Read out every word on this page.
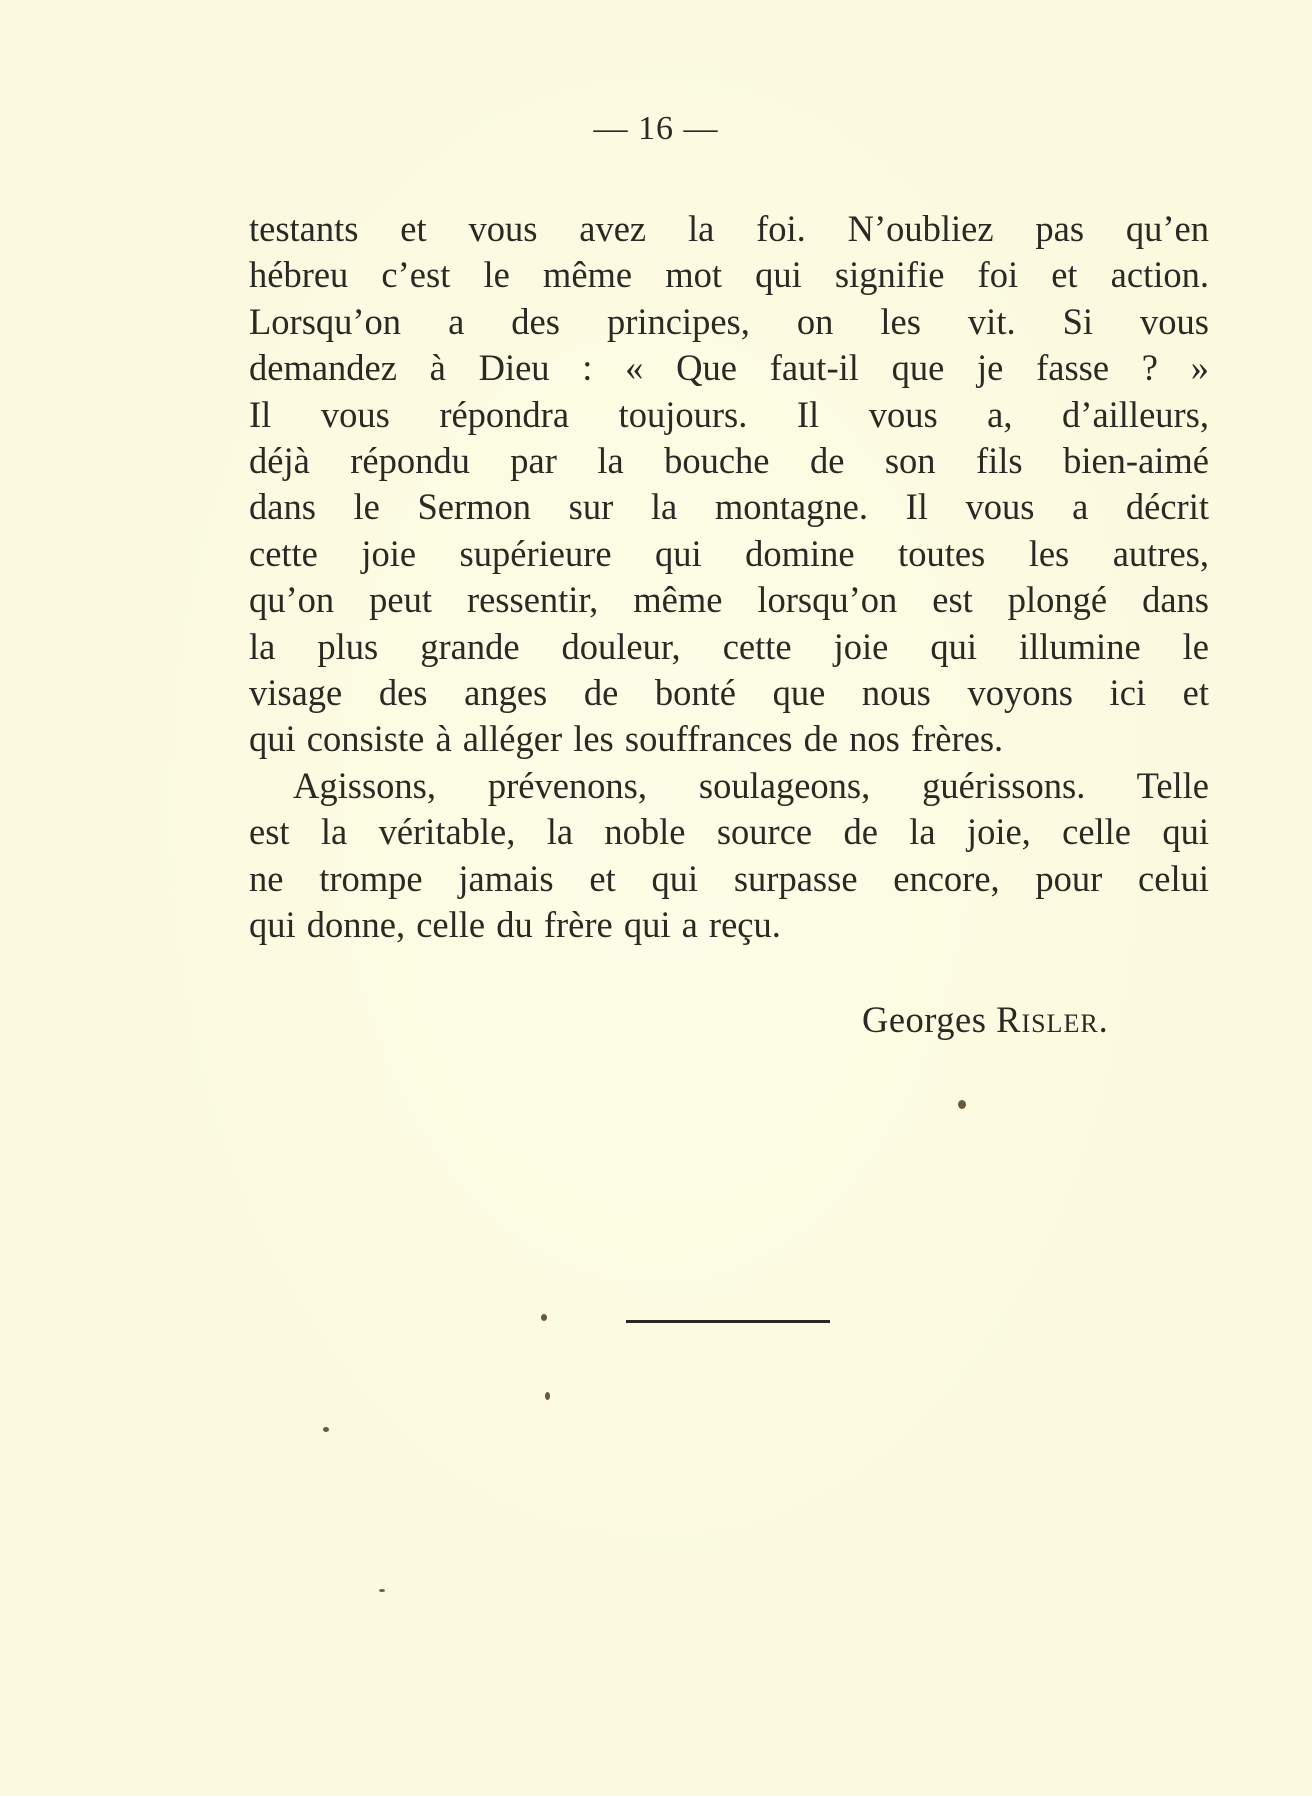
— 16 —
testants et vous avez la foi. N’oubliez pas qu’en
hébreu c’est le même mot qui signifie foi et action.
Lorsqu’on a des principes, on les vit. Si vous
demandez à Dieu : « Que faut-il que je fasse ? »
Il vous répondra toujours. Il vous a, d’ailleurs,
déjà répondu par la bouche de son fils bien-aimé
dans le Sermon sur la montagne. Il vous a décrit
cette joie supérieure qui domine toutes les autres,
qu’on peut ressentir, même lorsqu’on est plongé dans
la plus grande douleur, cette joie qui illumine le
visage des anges de bonté que nous voyons ici et
qui consiste à alléger les souffrances de nos frères.
Agissons, prévenons, soulageons, guérissons. Telle
est la véritable, la noble source de la joie, celle qui
ne trompe jamais et qui surpasse encore, pour celui
qui donne, celle du frère qui a reçu.
Georges Risler.
